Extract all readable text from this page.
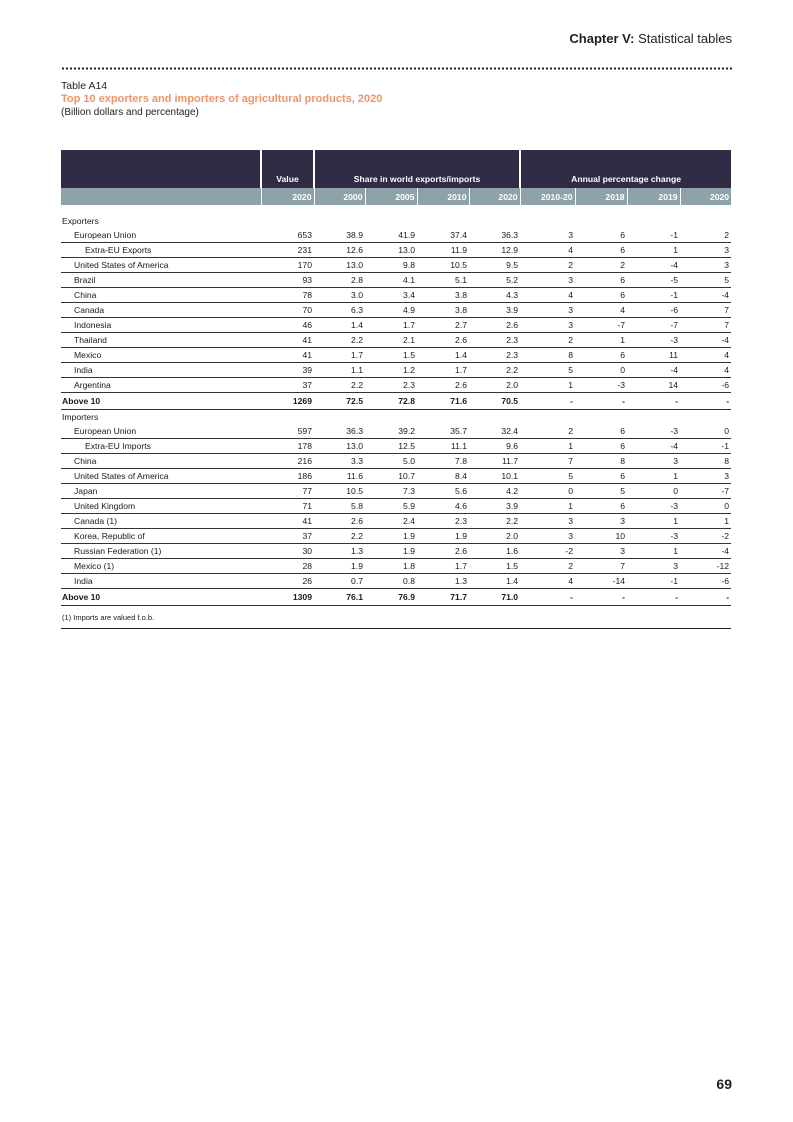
Chapter V: Statistical tables
Table A14
Top 10 exporters and importers of agricultural products, 2020
(Billion dollars and percentage)
	Value	Share in world exports/imports				Annual percentage change			
	2020	2000	2005	2010	2020	2010-20	2018	2019	2020

Exporters									
European Union	653	38.9	41.9	37.4	36.3	3	6	-1	2
Extra-EU Exports	231	12.6	13.0	11.9	12.9	4	6	1	3
United States of America	170	13.0	9.8	10.5	9.5	2	2	-4	3
Brazil	93	2.8	4.1	5.1	5.2	3	6	-5	5
China	78	3.0	3.4	3.8	4.3	4	6	-1	-4
Canada	70	6.3	4.9	3.8	3.9	3	4	-6	7
Indonesia	46	1.4	1.7	2.7	2.6	3	-7	-7	7
Thailand	41	2.2	2.1	2.6	2.3	2	1	-3	-4
Mexico	41	1.7	1.5	1.4	2.3	8	6	11	4
India	39	1.1	1.2	1.7	2.2	5	0	-4	4
Argentina	37	2.2	2.3	2.6	2.0	1	-3	14	-6
Above 10	1269	72.5	72.8	71.6	70.5	-	-	-	-
Importers									
European Union	597	36.3	39.2	35.7	32.4	2	6	-3	0
Extra-EU Imports	178	13.0	12.5	11.1	9.6	1	6	-4	-1
China	216	3.3	5.0	7.8	11.7	7	8	3	8
United States of America	186	11.6	10.7	8.4	10.1	5	6	1	3
Japan	77	10.5	7.3	5.6	4.2	0	5	0	-7
United Kingdom	71	5.8	5.9	4.6	3.9	1	6	-3	0
Canada (1)	41	2.6	2.4	2.3	2.2	3	3	1	1
Korea, Republic of	37	2.2	1.9	1.9	2.0	3	10	-3	-2
Russian Federation (1)	30	1.3	1.9	2.6	1.6	-2	3	1	-4
Mexico (1)	28	1.9	1.8	1.7	1.5	2	7	3	-12
India	26	0.7	0.8	1.3	1.4	4	-14	-1	-6
Above 10	1309	76.1	76.9	71.7	71.0	-	-	-	-
(1) Imports are valued f.o.b.									
69
